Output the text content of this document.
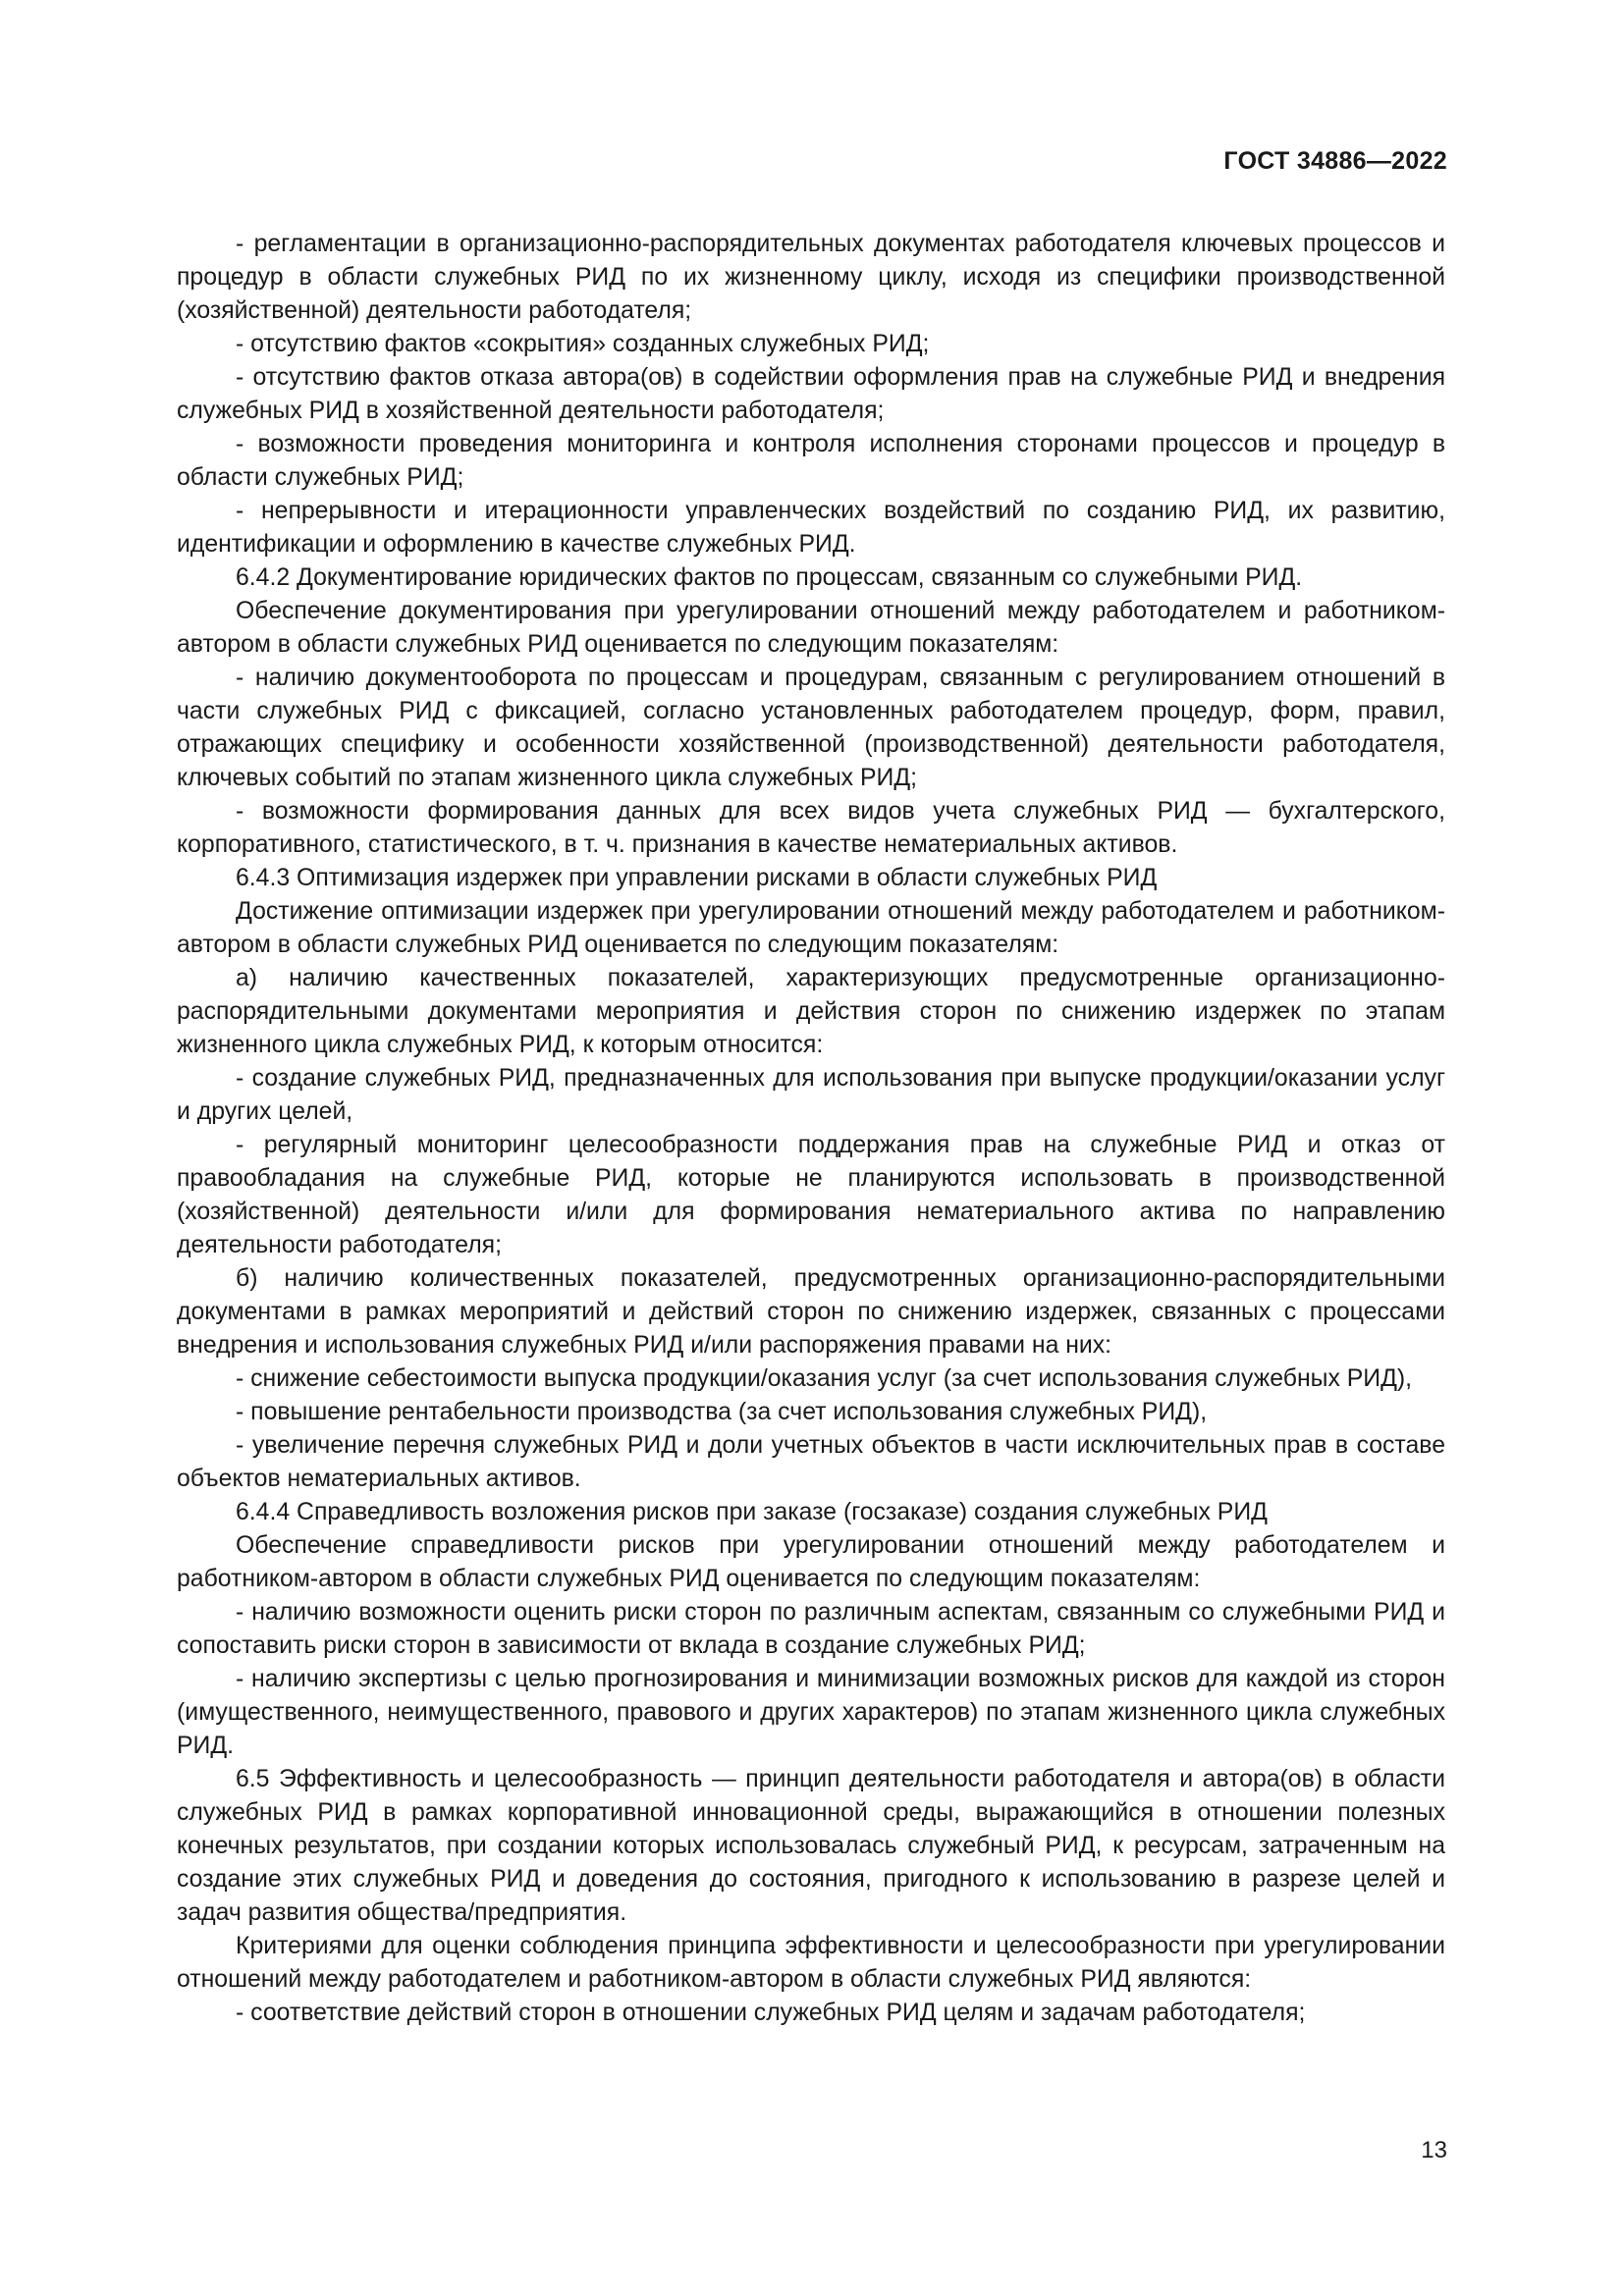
ГОСТ 34886—2022

- регламентации в организационно-распорядительных документах работодателя ключевых процессов и процедур в области служебных РИД по их жизненному циклу, исходя из специфики производственной (хозяйственной) деятельности работодателя;

- отсутствию фактов «сокрытия» созданных служебных РИД;

- отсутствию фактов отказа автора(ов) в содействии оформления прав на служебные РИД и внедрения служебных РИД в хозяйственной деятельности работодателя;

- возможности проведения мониторинга и контроля исполнения сторонами процессов и процедур в области служебных РИД;

- непрерывности и итерационности управленческих воздействий по созданию РИД, их развитию, идентификации и оформлению в качестве служебных РИД.

6.4.2 Документирование юридических фактов по процессам, связанным со служебными РИД.

Обеспечение документирования при урегулировании отношений между работодателем и работником-автором в области служебных РИД оценивается по следующим показателям:

- наличию документооборота по процессам и процедурам, связанным с регулированием отношений в части служебных РИД с фиксацией, согласно установленных работодателем процедур, форм, правил, отражающих специфику и особенности хозяйственной (производственной) деятельности работодателя, ключевых событий по этапам жизненного цикла служебных РИД;

- возможности формирования данных для всех видов учета служебных РИД — бухгалтерского, корпоративного, статистического, в т. ч. признания в качестве нематериальных активов.

6.4.3 Оптимизация издержек при управлении рисками в области служебных РИД

Достижение оптимизации издержек при урегулировании отношений между работодателем и работником-автором в области служебных РИД оценивается по следующим показателям:

а) наличию качественных показателей, характеризующих предусмотренные организационно-распорядительными документами мероприятия и действия сторон по снижению издержек по этапам жизненного цикла служебных РИД, к которым относится:

- создание служебных РИД, предназначенных для использования при выпуске продукции/оказании услуг и других целей,

- регулярный мониторинг целесообразности поддержания прав на служебные РИД и отказ от правообладания на служебные РИД, которые не планируются использовать в производственной (хозяйственной) деятельности и/или для формирования нематериального актива по направлению деятельности работодателя;

б) наличию количественных показателей, предусмотренных организационно-распорядительными документами в рамках мероприятий и действий сторон по снижению издержек, связанных с процессами внедрения и использования служебных РИД и/или распоряжения правами на них:

- снижение себестоимости выпуска продукции/оказания услуг (за счет использования служебных РИД),

- повышение рентабельности производства (за счет использования служебных РИД),

- увеличение перечня служебных РИД и доли учетных объектов в части исключительных прав в составе объектов нематериальных активов.

6.4.4 Справедливость возложения рисков при заказе (госзаказе) создания служебных РИД

Обеспечение справедливости рисков при урегулировании отношений между работодателем и работником-автором в области служебных РИД оценивается по следующим показателям:

- наличию возможности оценить риски сторон по различным аспектам, связанным со служебными РИД и сопоставить риски сторон в зависимости от вклада в создание служебных РИД;

- наличию экспертизы с целью прогнозирования и минимизации возможных рисков для каждой из сторон (имущественного, неимущественного, правового и других характеров) по этапам жизненного цикла служебных РИД.

6.5 Эффективность и целесообразность — принцип деятельности работодателя и автора(ов) в области служебных РИД в рамках корпоративной инновационной среды, выражающийся в отношении полезных конечных результатов, при создании которых использовалась служебный РИД, к ресурсам, затраченным на создание этих служебных РИД и доведения до состояния, пригодного к использованию в разрезе целей и задач развития общества/предприятия.

Критериями для оценки соблюдения принципа эффективности и целесообразности при урегулировании отношений между работодателем и работником-автором в области служебных РИД являются:

- соответствие действий сторон в отношении служебных РИД целям и задачам работодателя;

13
